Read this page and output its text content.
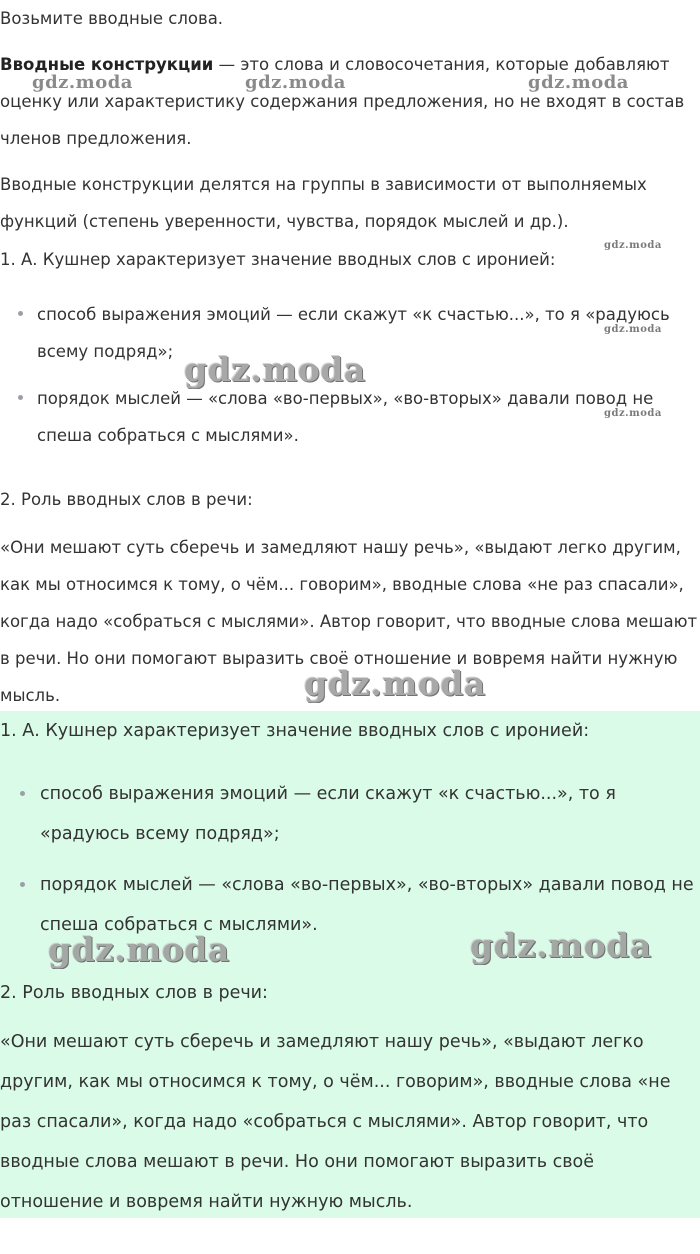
Возьмите вводные слова.

Вводные конструкции — это слова и словосочетания, которые добавляют оценку или характеристику содержания предложения, но не входят в состав членов предложения.

Вводные конструкции делятся на группы в зависимости от выполняемых функций (степень уверенности, чувства, порядок мыслей и др.).

1. А. Кушнер характеризует значение вводных слов с иронией:

способ выражения эмоций — если скажут «к счастью...», то я «радуюсь всему подряд»;
порядок мыслей — «слова «во-первых», «во-вторых» давали повод не спеша собраться с мыслями».

2. Роль вводных слов в речи:

«Они мешают суть сберечь и замедляют нашу речь», «выдают легко другим, как мы относимся к тому, о чём... говорим», вводные слова «не раз спасали», когда надо «собраться с мыслями». Автор говорит, что вводные слова мешают в речи. Но они помогают выразить своё отношение и вовремя найти нужную мысль.

1. А. Кушнер характеризует значение вводных слов с иронией:

способ выражения эмоций — если скажут «к счастью...», то я «радуюсь всему подряд»;
порядок мыслей — «слова «во-первых», «во-вторых» давали повод не спеша собраться с мыслями».

2. Роль вводных слов в речи:

«Они мешают суть сберечь и замедляют нашу речь», «выдают легко другим, как мы относимся к тому, о чём... говорим», вводные слова «не раз спасали», когда надо «собраться с мыслями». Автор говорит, что вводные слова мешают в речи. Но они помогают выразить своё отношение и вовремя найти нужную мысль.

gdz.moda	gdz.moda	gdz.moda
gdz.moda
gdz.moda
gdz.moda
gdz.moda
gdz.moda
gdz.moda	gdz.moda
